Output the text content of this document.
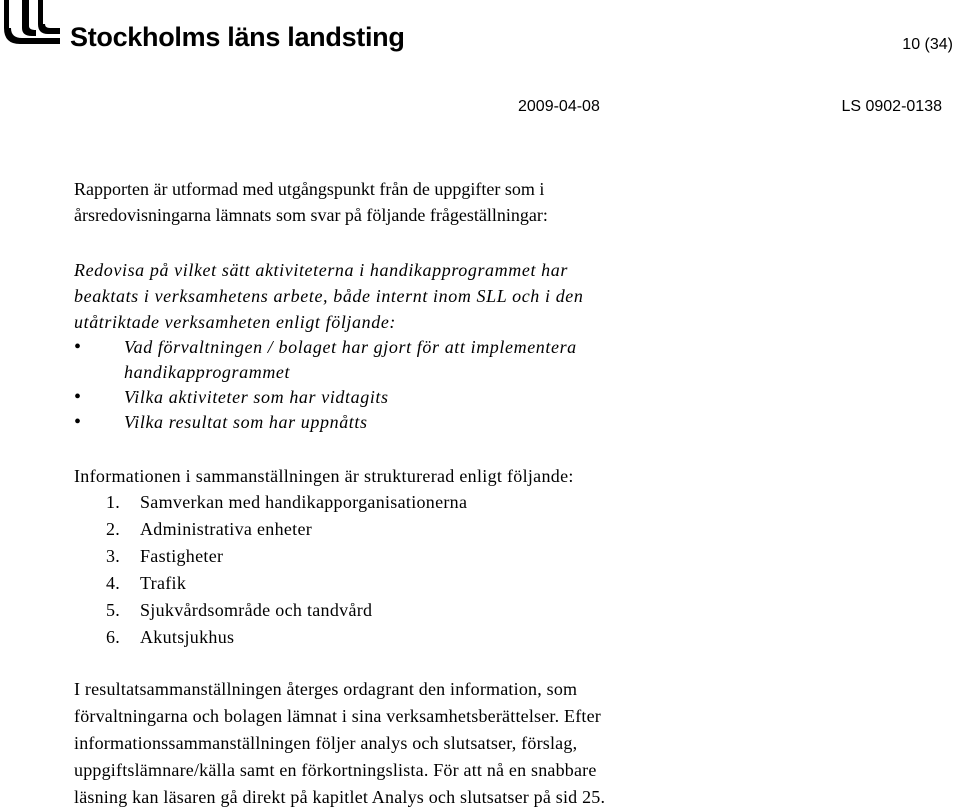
Stockholms läns landsting	10 (34)
2009-04-08	LS 0902-0138

Rapporten är utformad med utgångspunkt från de uppgifter som i
årsredovisningarna lämnats som svar på följande frågeställningar:

Redovisa på vilket sätt aktiviteterna i handikapprogrammet har
beaktats i verksamhetens arbete, både internt inom SLL och i den
utåtriktade verksamheten enligt följande:

• Vad förvaltningen / bolaget har gjort för att implementera
handikapprogrammet
• Vilka aktiviteter som har vidtagits
• Vilka resultat som har uppnåtts

Informationen i sammanställningen är strukturerad enligt följande:

1. Samverkan med handikapporganisationerna
2. Administrativa enheter
3. Fastigheter
4. Trafik
5. Sjukvårdsområde och tandvård
6. Akutsjukhus

I resultatsammanställningen återges ordagrant den information, som
förvaltningarna och bolagen lämnat i sina verksamhetsberättelser. Efter
informationssammanställningen följer analys och slutsatser, förslag,
uppgiftslämnare/källa samt en förkortningslista. För att nå en snabbare
läsning kan läsaren gå direkt på kapitlet Analys och slutsatser på sid 25.
